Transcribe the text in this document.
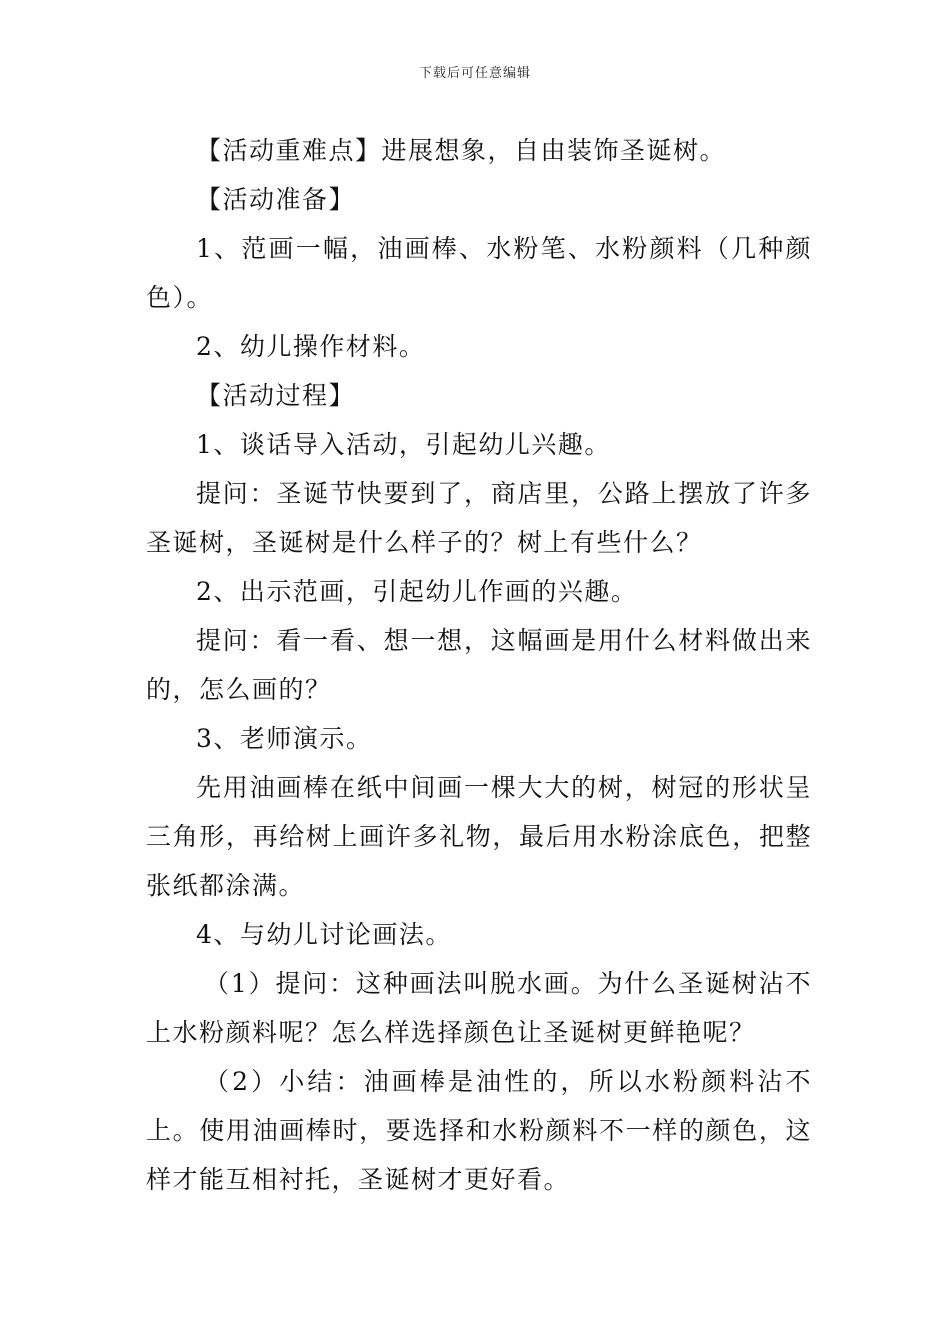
下载后可任意编辑

【活动重难点】进展想象，自由装饰圣诞树。

【活动准备】

1、范画一幅，油画棒、水粉笔、水粉颜料（几种颜色）。

2、幼儿操作材料。

【活动过程】

1、谈话导入活动，引起幼儿兴趣。

提问：圣诞节快要到了，商店里，公路上摆放了许多圣诞树，圣诞树是什么样子的？树上有些什么？

2、出示范画，引起幼儿作画的兴趣。

提问：看一看、想一想，这幅画是用什么材料做出来的，怎么画的？

3、老师演示。

先用油画棒在纸中间画一棵大大的树，树冠的形状呈三角形，再给树上画许多礼物，最后用水粉涂底色，把整张纸都涂满。

4、与幼儿讨论画法。

（1）提问：这种画法叫脱水画。为什么圣诞树沾不上水粉颜料呢？怎么样选择颜色让圣诞树更鲜艳呢？

（2）小结：油画棒是油性的，所以水粉颜料沾不上。使用油画棒时，要选择和水粉颜料不一样的颜色，这样才能互相衬托，圣诞树才更好看。
